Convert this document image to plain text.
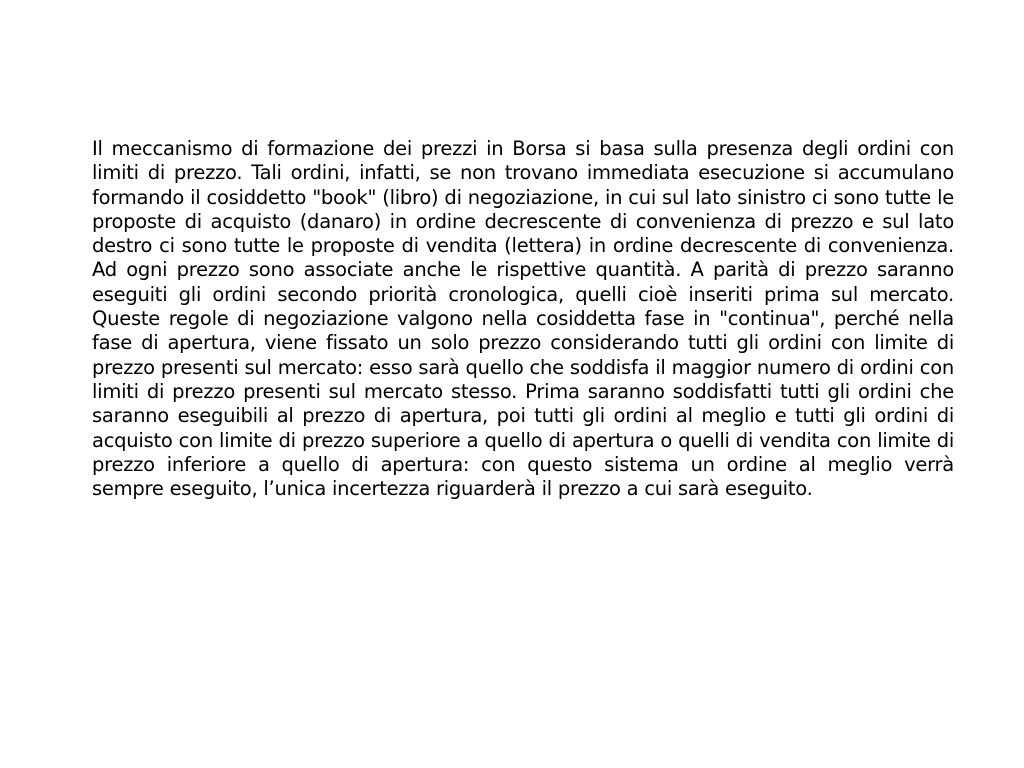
Il meccanismo di formazione dei prezzi in Borsa si basa sulla presenza degli ordini con limiti di prezzo. Tali ordini, infatti, se non trovano immediata esecuzione si accumulano formando il cosiddetto "book" (libro) di negoziazione, in cui sul lato sinistro ci sono tutte le proposte di acquisto (danaro) in ordine decrescente di convenienza di prezzo e sul lato destro ci sono tutte le proposte di vendita (lettera) in ordine decrescente di convenienza. Ad ogni prezzo sono associate anche le rispettive quantità. A parità di prezzo saranno eseguiti gli ordini secondo priorità cronologica, quelli cioè inseriti prima sul mercato. Queste regole di negoziazione valgono nella cosiddetta fase in "continua", perché nella fase di apertura, viene fissato un solo prezzo considerando tutti gli ordini con limite di prezzo presenti sul mercato: esso sarà quello che soddisfa il maggior numero di ordini con limiti di prezzo presenti sul mercato stesso. Prima saranno soddisfatti tutti gli ordini che saranno eseguibili al prezzo di apertura, poi tutti gli ordini al meglio e tutti gli ordini di acquisto con limite di prezzo superiore a quello di apertura o quelli di vendita con limite di prezzo inferiore a quello di apertura: con questo sistema un ordine al meglio verrà sempre eseguito, l’unica incertezza riguarderà il prezzo a cui sarà eseguito.
